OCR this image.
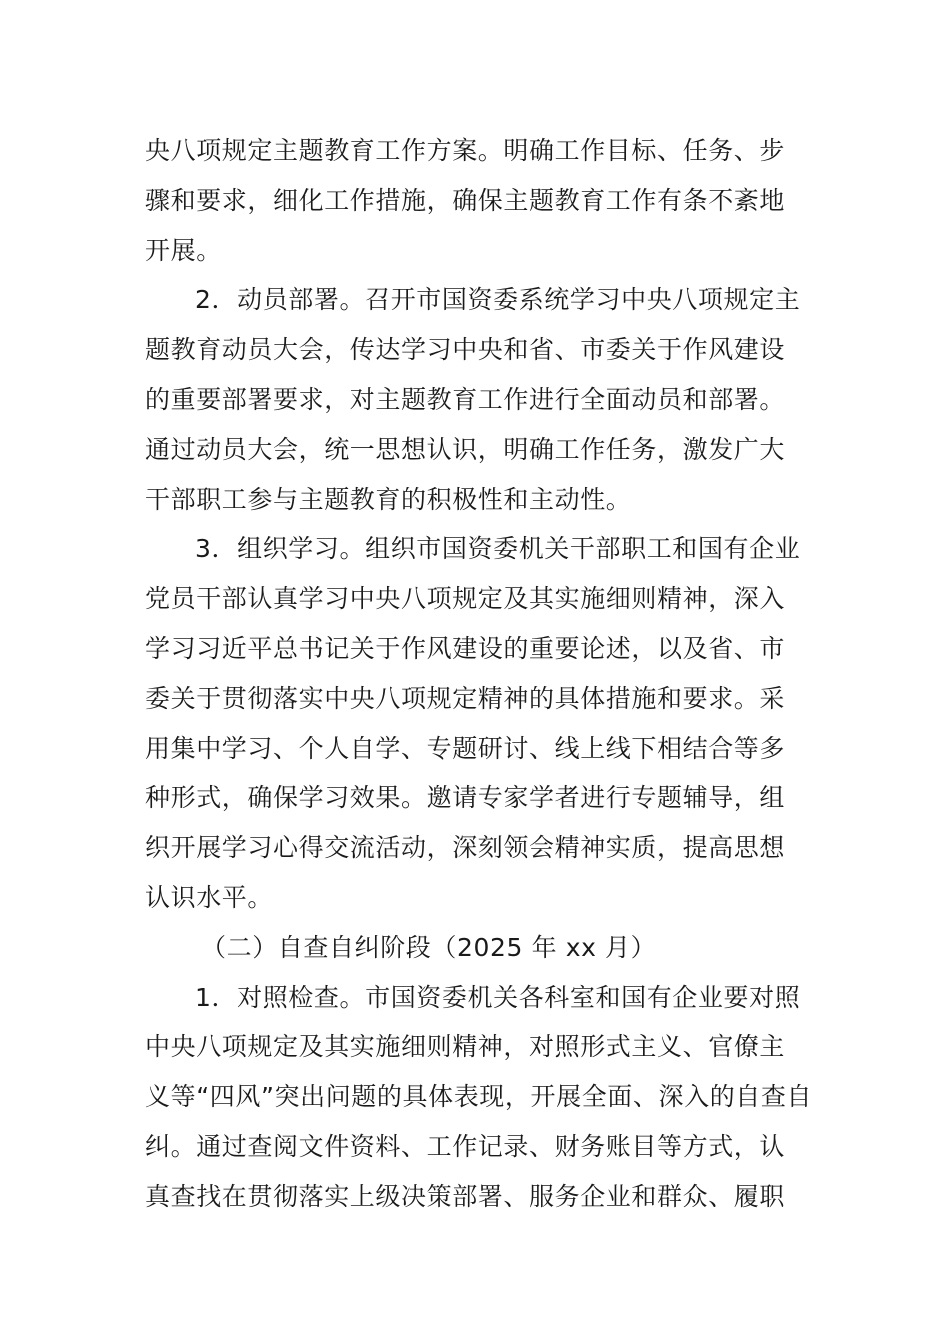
央八项规定主题教育工作方案。明确工作目标、任务、步
骤和要求，细化工作措施，确保主题教育工作有条不紊地
开展。
2．动员部署。召开市国资委系统学习中央八项规定主
题教育动员大会，传达学习中央和省、市委关于作风建设
的重要部署要求，对主题教育工作进行全面动员和部署。
通过动员大会，统一思想认识，明确工作任务，激发广大
干部职工参与主题教育的积极性和主动性。
3．组织学习。组织市国资委机关干部职工和国有企业
党员干部认真学习中央八项规定及其实施细则精神，深入
学习习近平总书记关于作风建设的重要论述，以及省、市
委关于贯彻落实中央八项规定精神的具体措施和要求。采
用集中学习、个人自学、专题研讨、线上线下相结合等多
种形式，确保学习效果。邀请专家学者进行专题辅导，组
织开展学习心得交流活动，深刻领会精神实质，提高思想
认识水平。
（二）自查自纠阶段（2025 年 xx 月）
1．对照检查。市国资委机关各科室和国有企业要对照
中央八项规定及其实施细则精神，对照形式主义、官僚主
义等“四风”突出问题的具体表现，开展全面、深入的自查自
纠。通过查阅文件资料、工作记录、财务账目等方式，认
真查找在贯彻落实上级决策部署、服务企业和群众、履职
